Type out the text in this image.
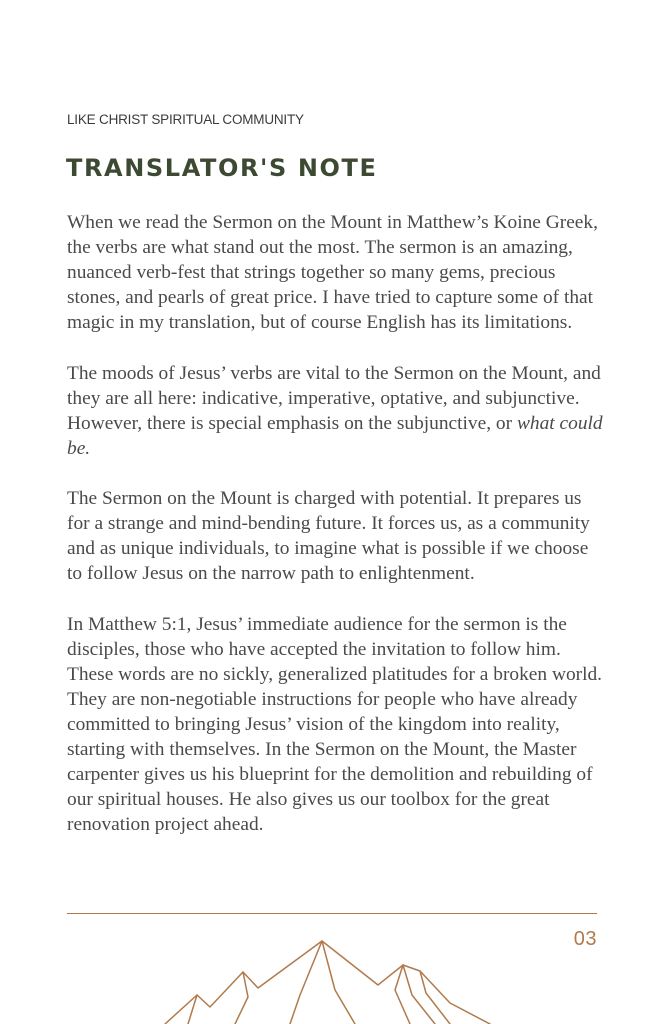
LIKE CHRIST SPIRITUAL COMMUNITY
TRANSLATOR'S NOTE

When we read the Sermon on the Mount in Matthew’s Koine Greek, the verbs are what stand out the most. The sermon is an amazing, nuanced verb-fest that strings together so many gems, precious stones, and pearls of great price. I have tried to capture some of that magic in my translation, but of course English has its limitations.

The moods of Jesus’ verbs are vital to the Sermon on the Mount, and they are all here: indicative, imperative, optative, and subjunctive. However, there is special emphasis on the subjunctive, or what could be.

The Sermon on the Mount is charged with potential. It prepares us for a strange and mind-bending future. It forces us, as a community and as unique individuals, to imagine what is possible if we choose to follow Jesus on the narrow path to enlightenment.

In Matthew 5:1, Jesus’ immediate audience for the sermon is the disciples, those who have accepted the invitation to follow him. These words are no sickly, generalized platitudes for a broken world. They are non-negotiable instructions for people who have already committed to bringing Jesus’ vision of the kingdom into reality, starting with themselves. In the Sermon on the Mount, the Master carpenter gives us his blueprint for the demolition and rebuilding of our spiritual houses. He also gives us our toolbox for the great renovation project ahead.

03
